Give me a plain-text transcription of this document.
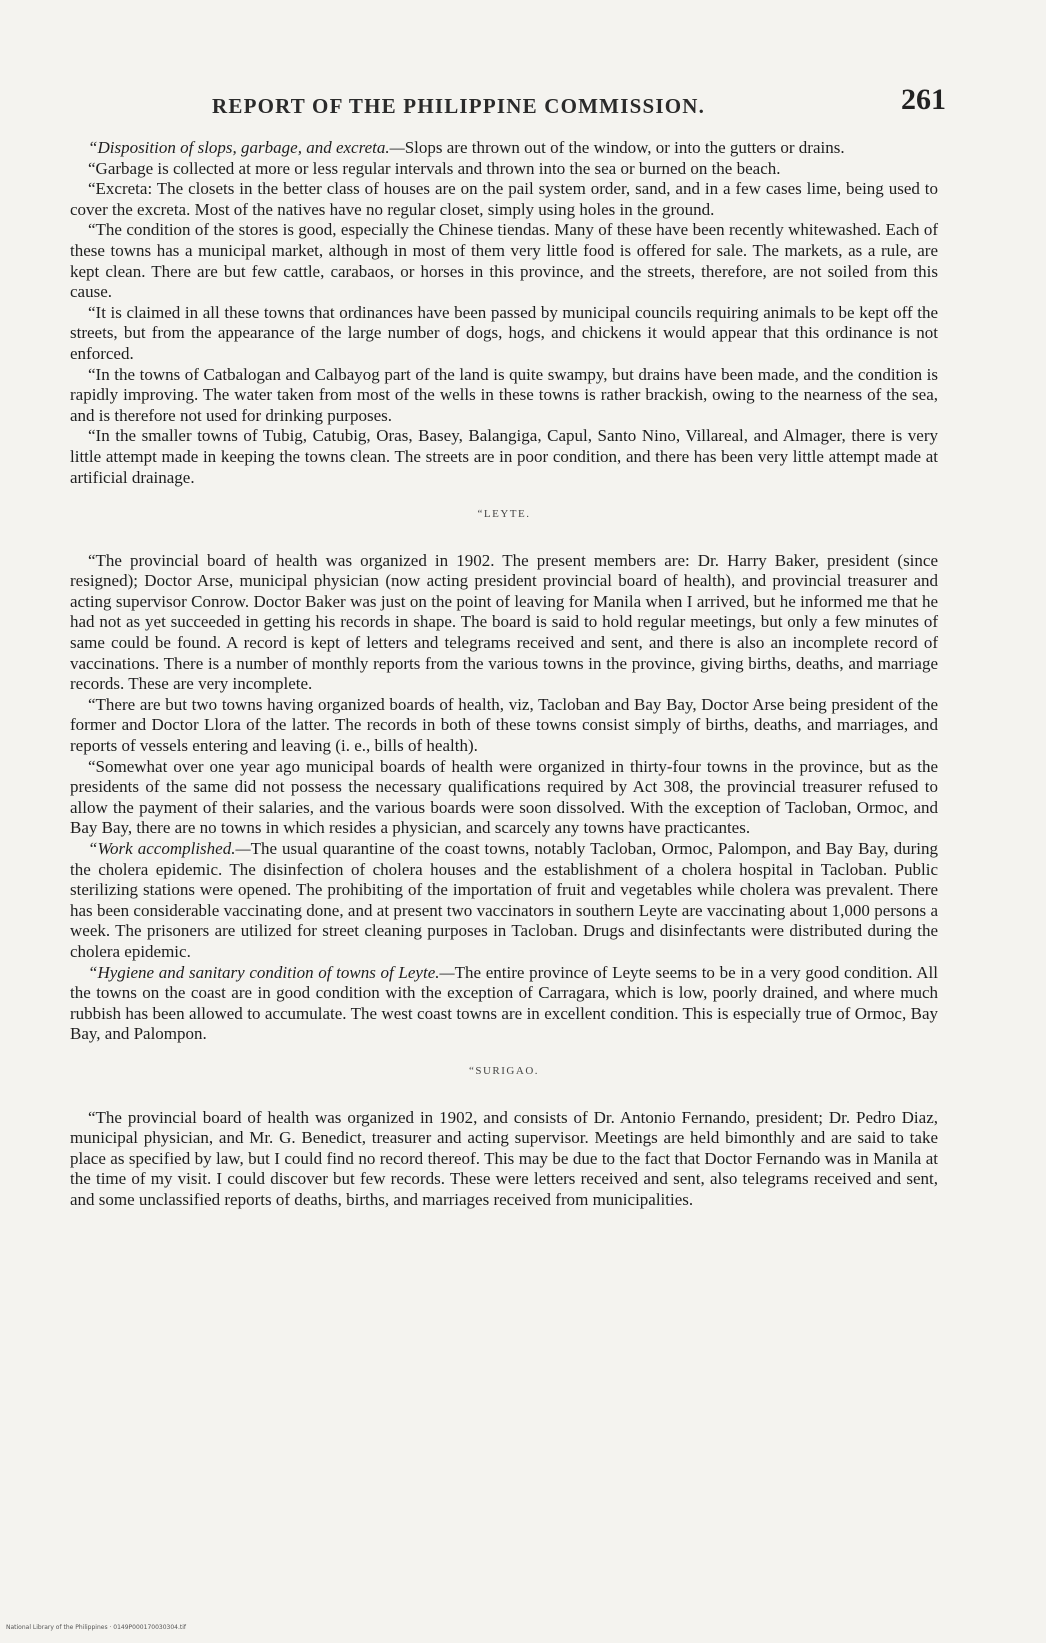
REPORT OF THE PHILIPPINE COMMISSION.	261

“Disposition of slops, garbage, and excreta.—Slops are thrown out of the window, or into the gutters or drains.

“Garbage is collected at more or less regular intervals and thrown into the sea or burned on the beach.

“Excreta: The closets in the better class of houses are on the pail system order, sand, and in a few cases lime, being used to cover the excreta. Most of the natives have no regular closet, simply using holes in the ground.

“The condition of the stores is good, especially the Chinese tiendas. Many of these have been recently whitewashed. Each of these towns has a municipal market, although in most of them very little food is offered for sale. The markets, as a rule, are kept clean. There are but few cattle, carabaos, or horses in this province, and the streets, therefore, are not soiled from this cause.

“It is claimed in all these towns that ordinances have been passed by municipal councils requiring animals to be kept off the streets, but from the appearance of the large number of dogs, hogs, and chickens it would appear that this ordinance is not enforced.

“In the towns of Catbalogan and Calbayog part of the land is quite swampy, but drains have been made, and the condition is rapidly improving. The water taken from most of the wells in these towns is rather brackish, owing to the nearness of the sea, and is therefore not used for drinking purposes.

“In the smaller towns of Tubig, Catubig, Oras, Basey, Balangiga, Capul, Santo Nino, Villareal, and Almager, there is very little attempt made in keeping the towns clean. The streets are in poor condition, and there has been very little attempt made at artificial drainage.

“LEYTE.

“The provincial board of health was organized in 1902. The present members are: Dr. Harry Baker, president (since resigned); Doctor Arse, municipal physician (now acting president provincial board of health), and provincial treasurer and acting supervisor Conrow. Doctor Baker was just on the point of leaving for Manila when I arrived, but he informed me that he had not as yet succeeded in getting his records in shape. The board is said to hold regular meetings, but only a few minutes of same could be found. A record is kept of letters and telegrams received and sent, and there is also an incomplete record of vaccinations. There is a number of monthly reports from the various towns in the province, giving births, deaths, and marriage records. These are very incomplete.

“There are but two towns having organized boards of health, viz, Tacloban and Bay Bay, Doctor Arse being president of the former and Doctor Llora of the latter. The records in both of these towns consist simply of births, deaths, and marriages, and reports of vessels entering and leaving (i. e., bills of health).

“Somewhat over one year ago municipal boards of health were organized in thirty-four towns in the province, but as the presidents of the same did not possess the necessary qualifications required by Act 308, the provincial treasurer refused to allow the payment of their salaries, and the various boards were soon dissolved. With the exception of Tacloban, Ormoc, and Bay Bay, there are no towns in which resides a physician, and scarcely any towns have practicantes.

“Work accomplished.—The usual quarantine of the coast towns, notably Tacloban, Ormoc, Palompon, and Bay Bay, during the cholera epidemic. The disinfection of cholera houses and the establishment of a cholera hospital in Tacloban. Public sterilizing stations were opened. The prohibiting of the importation of fruit and vegetables while cholera was prevalent. There has been considerable vaccinating done, and at present two vaccinators in southern Leyte are vaccinating about 1,000 persons a week. The prisoners are utilized for street cleaning purposes in Tacloban. Drugs and disinfectants were distributed during the cholera epidemic.

“Hygiene and sanitary condition of towns of Leyte.—The entire province of Leyte seems to be in a very good condition. All the towns on the coast are in good condition with the exception of Carragara, which is low, poorly drained, and where much rubbish has been allowed to accumulate. The west coast towns are in excellent condition. This is especially true of Ormoc, Bay Bay, and Palompon.

“SURIGAO.

“The provincial board of health was organized in 1902, and consists of Dr. Antonio Fernando, president; Dr. Pedro Diaz, municipal physician, and Mr. G. Benedict, treasurer and acting supervisor. Meetings are held bimonthly and are said to take place as specified by law, but I could find no record thereof. This may be due to the fact that Doctor Fernando was in Manila at the time of my visit. I could discover but few records. These were letters received and sent, also telegrams received and sent, and some unclassified reports of deaths, births, and marriages received from municipalities.

National Library of the Philippines · 0149P000170030304.tif
